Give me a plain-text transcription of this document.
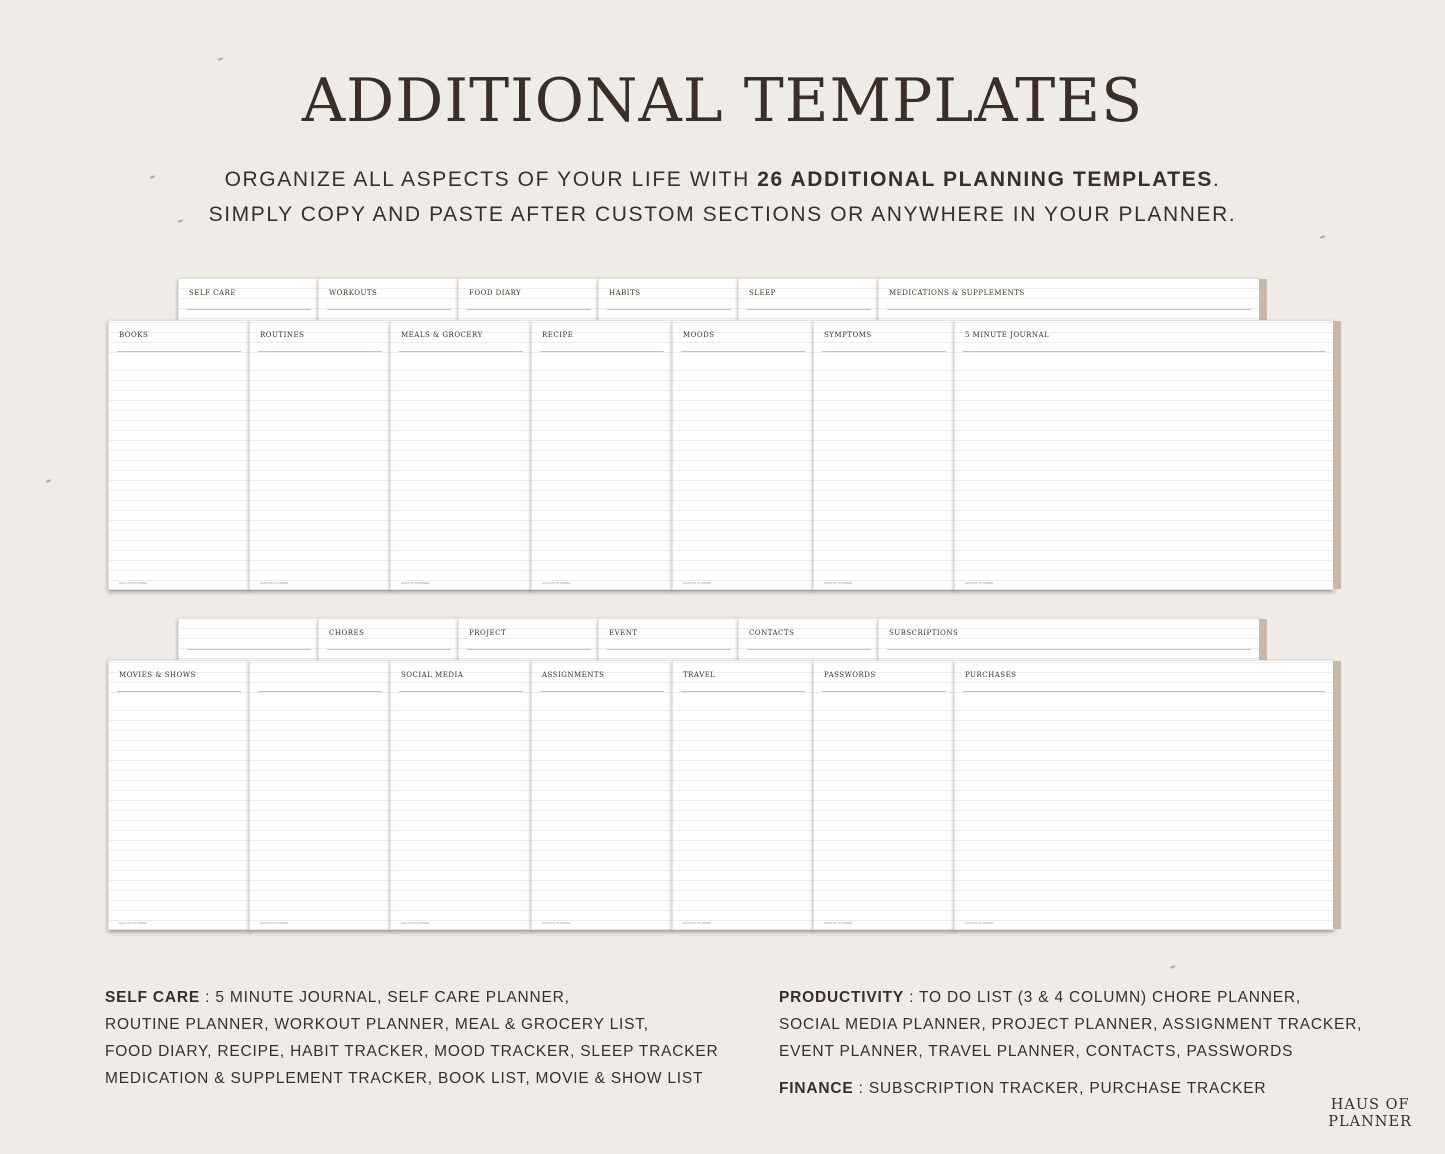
ADDITIONAL TEMPLATES
ORGANIZE ALL ASPECTS OF YOUR LIFE WITH 26 ADDITIONAL PLANNING TEMPLATES.
SIMPLY COPY AND PASTE AFTER CUSTOM SECTIONS OR ANYWHERE IN YOUR PLANNER.
SELF CARE	WORKOUTS	FOOD DIARY	HABITS	SLEEP	MEDICATIONS & SUPPLEMENTS
BOOKS
HAUS OF PLANNER
ROUTINES
HAUS OF PLANNER
MEALS & GROCERY
HAUS OF PLANNER
RECIPE
HAUS OF PLANNER
MOODS
HAUS OF PLANNER
SYMPTOMS
HAUS OF PLANNER
5 MINUTE JOURNAL
HAUS OF PLANNER
CHORES	PROJECT	EVENT	CONTACTS	SUBSCRIPTIONS
MOVIES & SHOWS
HAUS OF PLANNER	HAUS OF PLANNER
SOCIAL MEDIA
HAUS OF PLANNER
ASSIGNMENTS
HAUS OF PLANNER
TRAVEL
HAUS OF PLANNER
PASSWORDS
HAUS OF PLANNER
PURCHASES
HAUS OF PLANNER
SELF CARE : 5 MINUTE JOURNAL, SELF CARE PLANNER,
ROUTINE PLANNER, WORKOUT PLANNER, MEAL & GROCERY LIST,
FOOD DIARY, RECIPE, HABIT TRACKER, MOOD TRACKER, SLEEP TRACKER
MEDICATION & SUPPLEMENT TRACKER, BOOK LIST, MOVIE & SHOW LIST
PRODUCTIVITY : TO DO LIST (3 & 4 COLUMN) CHORE PLANNER,
SOCIAL MEDIA PLANNER, PROJECT PLANNER, ASSIGNMENT TRACKER,
EVENT PLANNER, TRAVEL PLANNER, CONTACTS, PASSWORDS
FINANCE : SUBSCRIPTION TRACKER, PURCHASE TRACKER
HAUS OF
PLANNER
